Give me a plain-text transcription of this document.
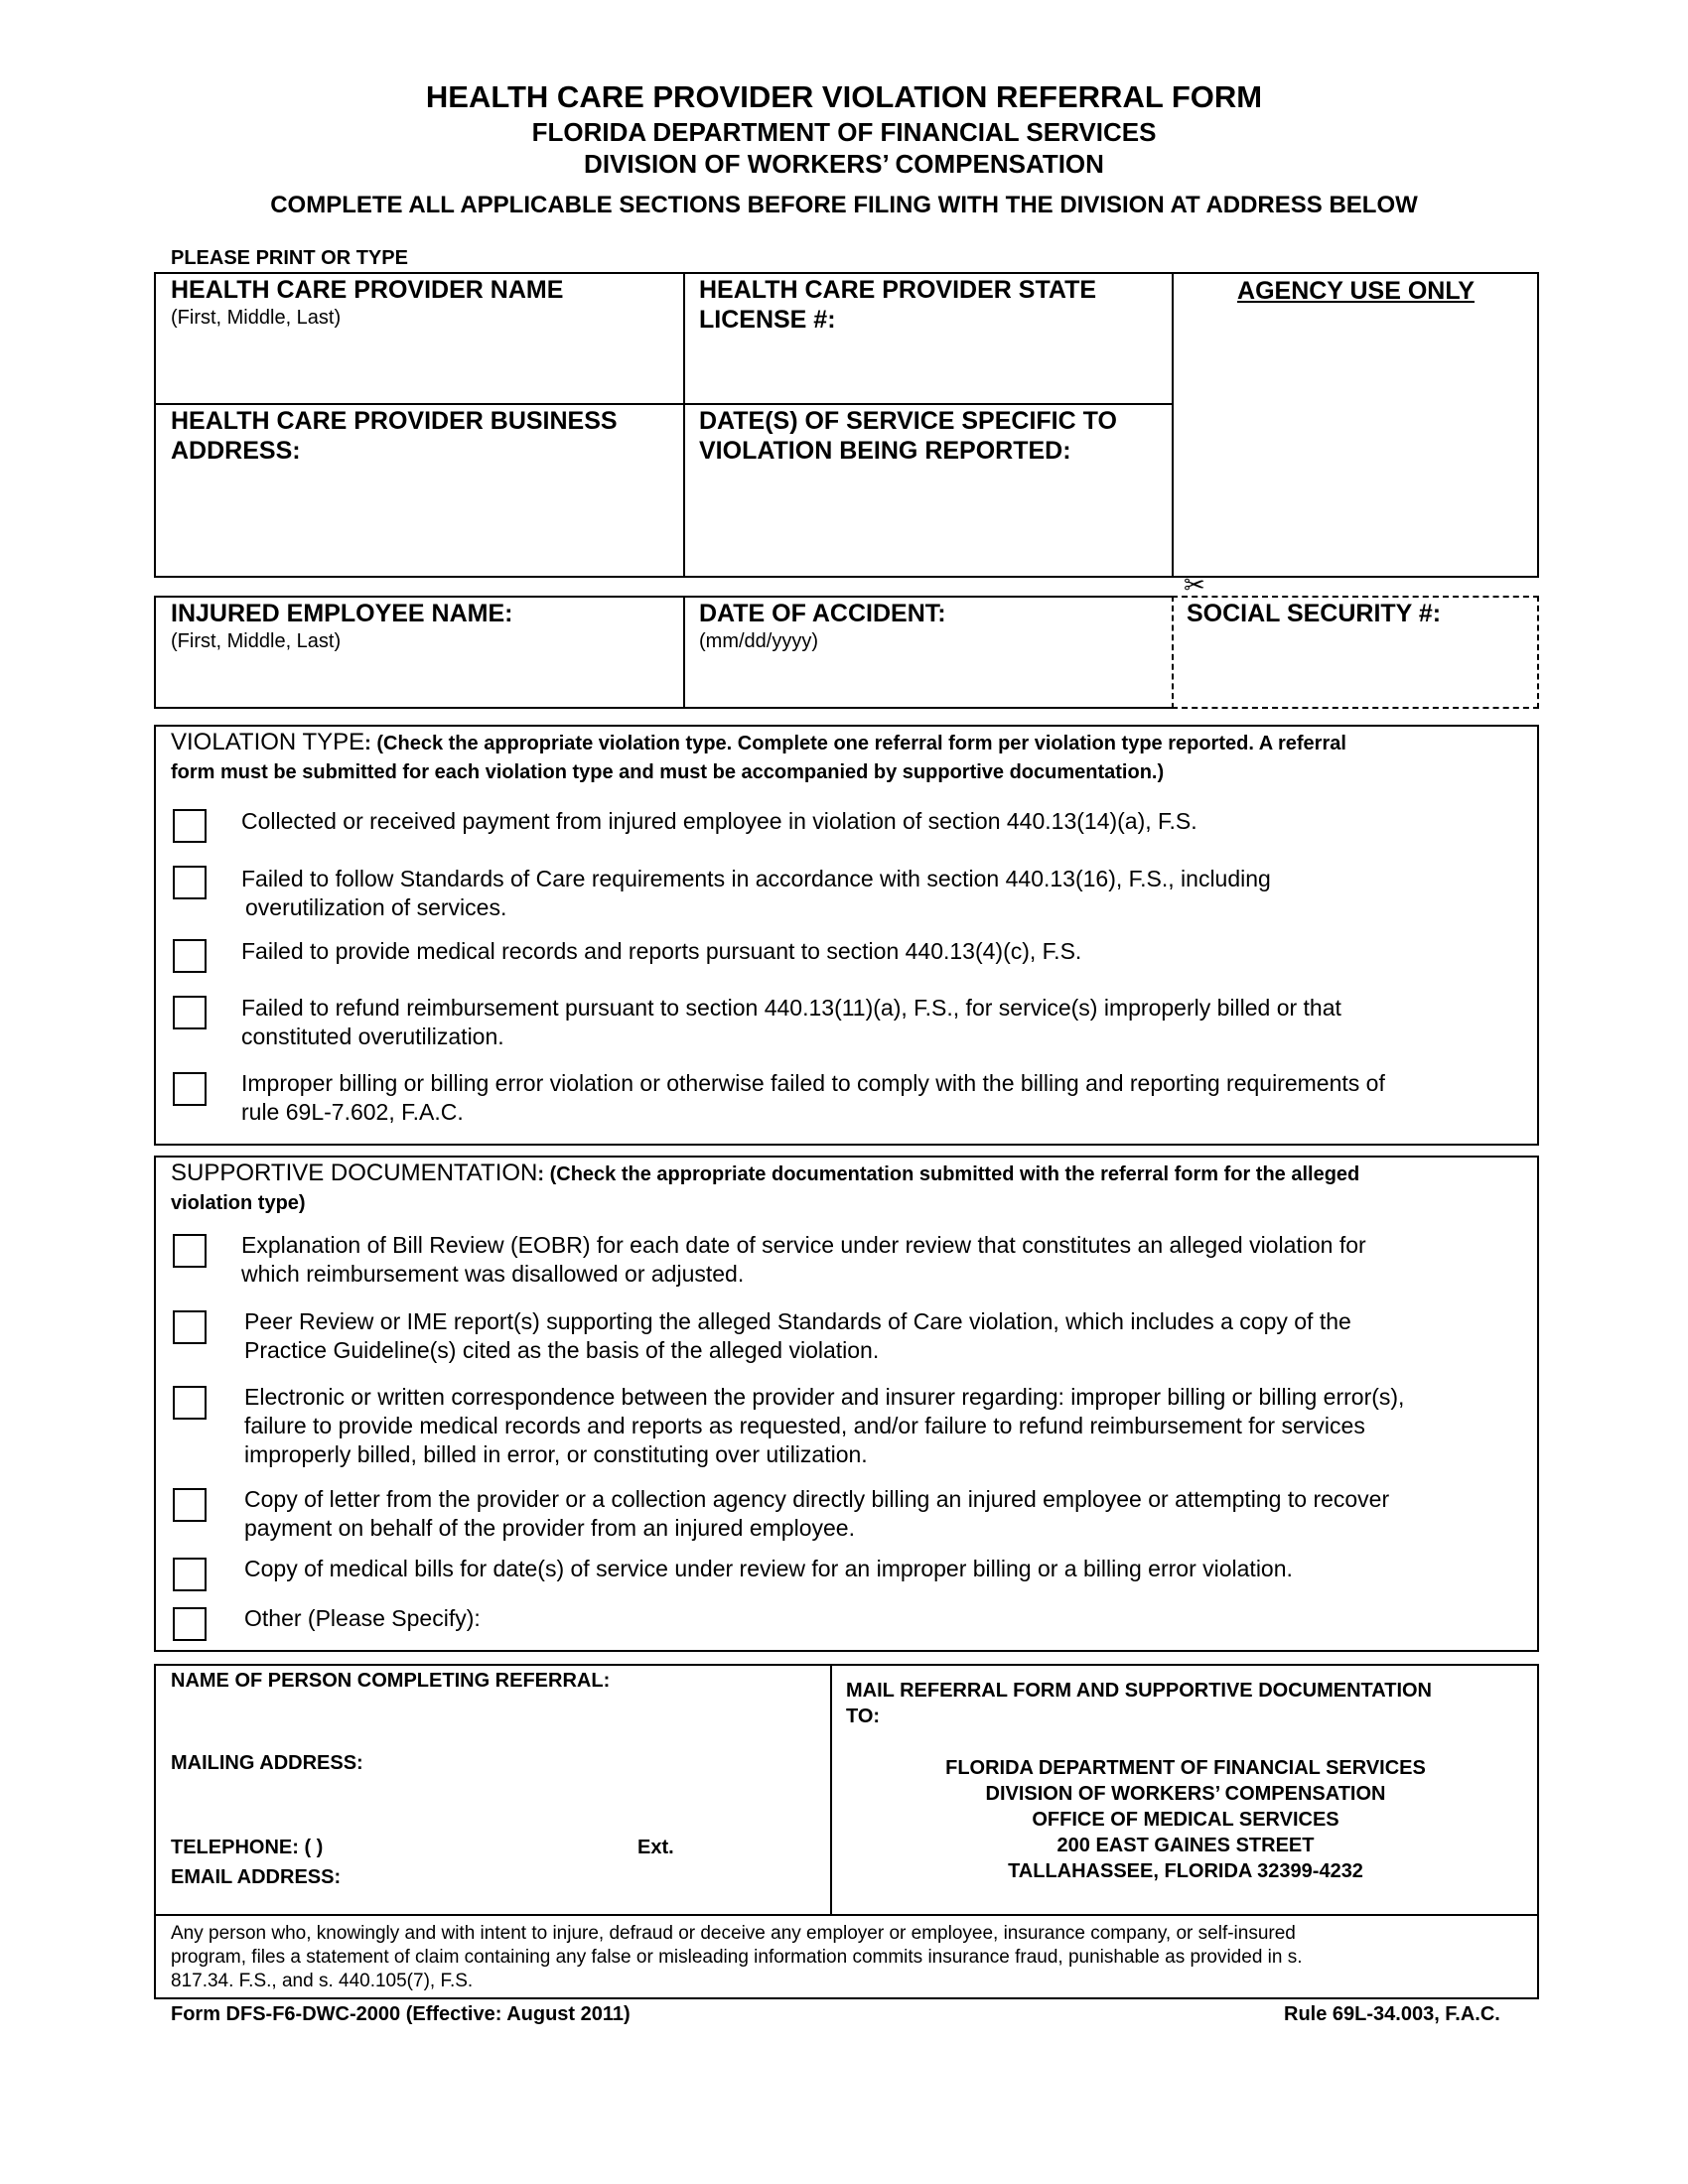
HEALTH CARE PROVIDER VIOLATION REFERRAL FORM
FLORIDA DEPARTMENT OF FINANCIAL SERVICES
DIVISION OF WORKERS’ COMPENSATION
COMPLETE ALL APPLICABLE SECTIONS BEFORE FILING WITH THE DIVISION AT ADDRESS BELOW
PLEASE PRINT OR TYPE
HEALTH CARE PROVIDER NAME
(First, Middle, Last)
HEALTH CARE PROVIDER STATE
LICENSE #:
AGENCY USE ONLY
HEALTH CARE PROVIDER BUSINESS
ADDRESS:
DATE(S) OF SERVICE SPECIFIC TO
VIOLATION BEING REPORTED:
✂
INJURED EMPLOYEE NAME:
(First, Middle, Last)
DATE OF ACCIDENT:
(mm/dd/yyyy)
SOCIAL SECURITY #:
VIOLATION TYPE: (Check the appropriate violation type. Complete one referral form per violation type reported. A referral
form must be submitted for each violation type and must be accompanied by supportive documentation.)
Collected or received payment from injured employee in violation of section 440.13(14)(a), F.S.
Failed to follow Standards of Care requirements in accordance with section 440.13(16), F.S., including
overutilization of services.
Failed to provide medical records and reports pursuant to section 440.13(4)(c), F.S.
Failed to refund reimbursement pursuant to section 440.13(11)(a), F.S., for service(s) improperly billed or that
constituted overutilization.
Improper billing or billing error violation or otherwise failed to comply with the billing and reporting requirements of
rule 69L-7.602, F.A.C.
SUPPORTIVE DOCUMENTATION: (Check the appropriate documentation submitted with the referral form for the alleged
violation type)
Explanation of Bill Review (EOBR) for each date of service under review that constitutes an alleged violation for
which reimbursement was disallowed or adjusted.
Peer Review or IME report(s) supporting the alleged Standards of Care violation, which includes a copy of the
Practice Guideline(s) cited as the basis of the alleged violation.
Electronic or written correspondence between the provider and insurer regarding: improper billing or billing error(s),
failure to provide medical records and reports as requested, and/or failure to refund reimbursement for services
improperly billed, billed in error, or constituting over utilization.
Copy of letter from the provider or a collection agency directly billing an injured employee or attempting to recover
payment on behalf of the provider from an injured employee.
Copy of medical bills for date(s) of service under review for an improper billing or a billing error violation.
Other (Please Specify):
NAME OF PERSON COMPLETING REFERRAL:
MAILING ADDRESS:
TELEPHONE: ( )	Ext.
EMAIL ADDRESS:
MAIL REFERRAL FORM AND SUPPORTIVE DOCUMENTATION
TO:
FLORIDA DEPARTMENT OF FINANCIAL SERVICES
DIVISION OF WORKERS’ COMPENSATION
OFFICE OF MEDICAL SERVICES
200 EAST GAINES STREET
TALLAHASSEE, FLORIDA 32399-4232
Any person who, knowingly and with intent to injure, defraud or deceive any employer or employee, insurance company, or self-insured
program, files a statement of claim containing any false or misleading information commits insurance fraud, punishable as provided in s.
817.34. F.S., and s. 440.105(7), F.S.
Form DFS-F6-DWC-2000 (Effective: August 2011)	Rule 69L-34.003, F.A.C.
